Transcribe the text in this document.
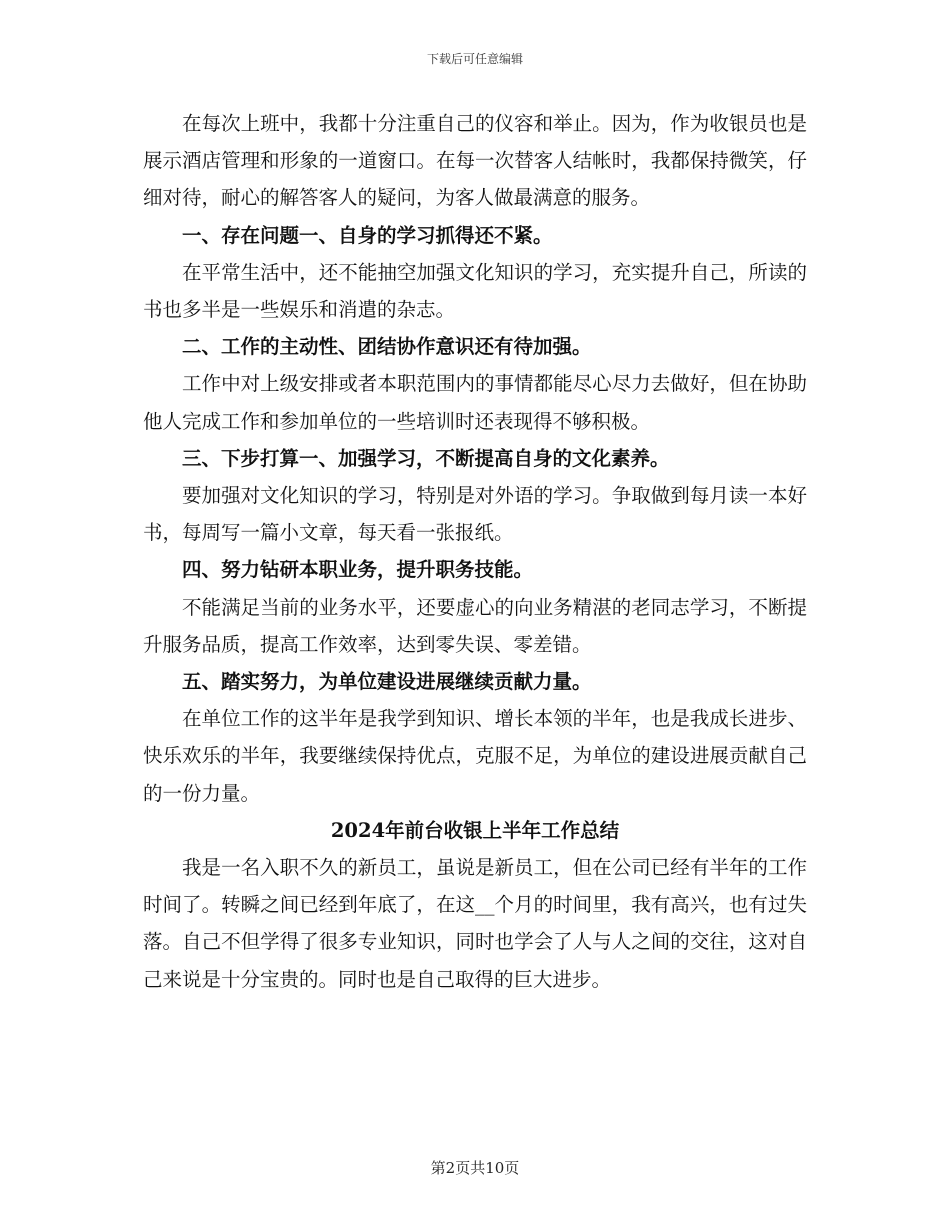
下载后可任意编辑

在每次上班中，我都十分注重自己的仪容和举止。因为，作为收银员也是展示酒店管理和形象的一道窗口。在每一次替客人结帐时，我都保持微笑，仔细对待，耐心的解答客人的疑问，为客人做最满意的服务。

一、存在问题一、自身的学习抓得还不紧。

在平常生活中，还不能抽空加强文化知识的学习，充实提升自己，所读的书也多半是一些娱乐和消遣的杂志。

二、工作的主动性、团结协作意识还有待加强。

工作中对上级安排或者本职范围内的事情都能尽心尽力去做好，但在协助他人完成工作和参加单位的一些培训时还表现得不够积极。

三、下步打算一、加强学习，不断提高自身的文化素养。

要加强对文化知识的学习，特别是对外语的学习。争取做到每月读一本好书，每周写一篇小文章，每天看一张报纸。

四、努力钻研本职业务，提升职务技能。

不能满足当前的业务水平，还要虚心的向业务精湛的老同志学习，不断提升服务品质，提高工作效率，达到零失误、零差错。

五、踏实努力，为单位建设进展继续贡献力量。

在单位工作的这半年是我学到知识、增长本领的半年，也是我成长进步、快乐欢乐的半年，我要继续保持优点，克服不足，为单位的建设进展贡献自己的一份力量。

2024年前台收银上半年工作总结

我是一名入职不久的新员工，虽说是新员工，但在公司已经有半年的工作时间了。转瞬之间已经到年底了，在这__个月的时间里，我有高兴，也有过失落。自己不但学得了很多专业知识，同时也学会了人与人之间的交往，这对自己来说是十分宝贵的。同时也是自己取得的巨大进步。

第2页共10页
